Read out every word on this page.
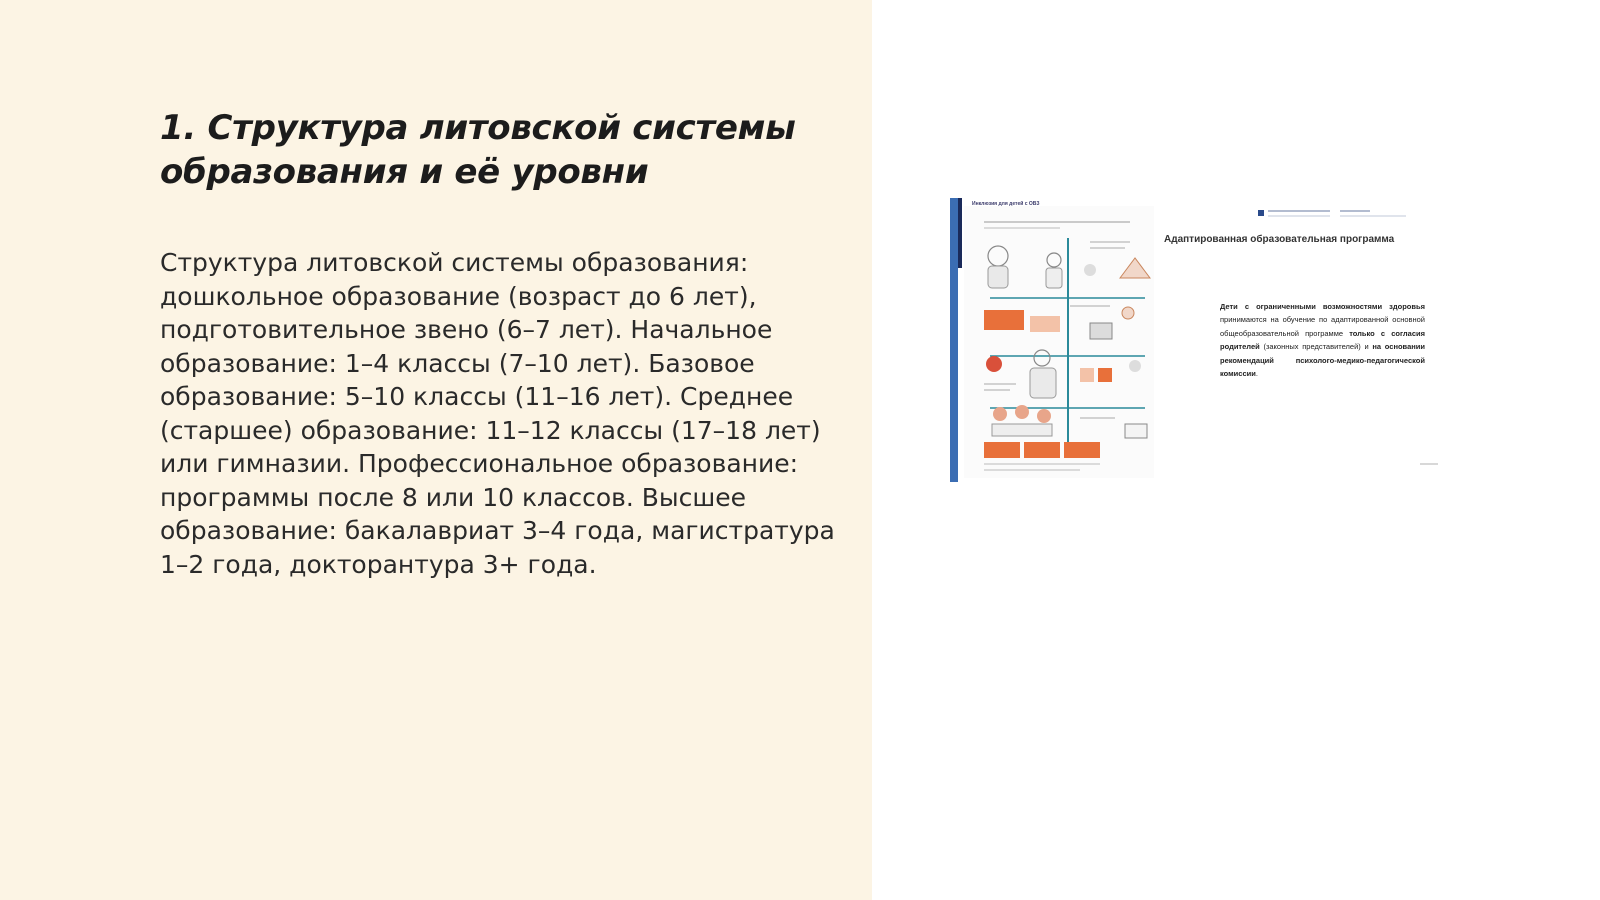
1. Структура литовской системы образования и её уровни

Структура литовской системы образования: дошкольное образование (возраст до 6 лет), подготовительное звено (6–7 лет). Начальное образование: 1–4 классы (7–10 лет). Базовое образование: 5–10 классы (11–16 лет). Среднее (старшее) образование: 11–12 классы (17–18 лет) или гимназии. Профессиональное образование: программы после 8 или 10 классов. Высшее образование: бакалавриат 3–4 года, магистратура 1–2 года, докторантура 3+ года.

Инклюзия для детей с ОВЗ
Адаптированная образовательная программа
Дети с ограниченными возможностями здоровья принимаются на обучение по адаптированной основной общеобразовательной программе только с согласия родителей (законных представителей) и на основании рекомендаций психолого-медико-педагогической комиссии.
